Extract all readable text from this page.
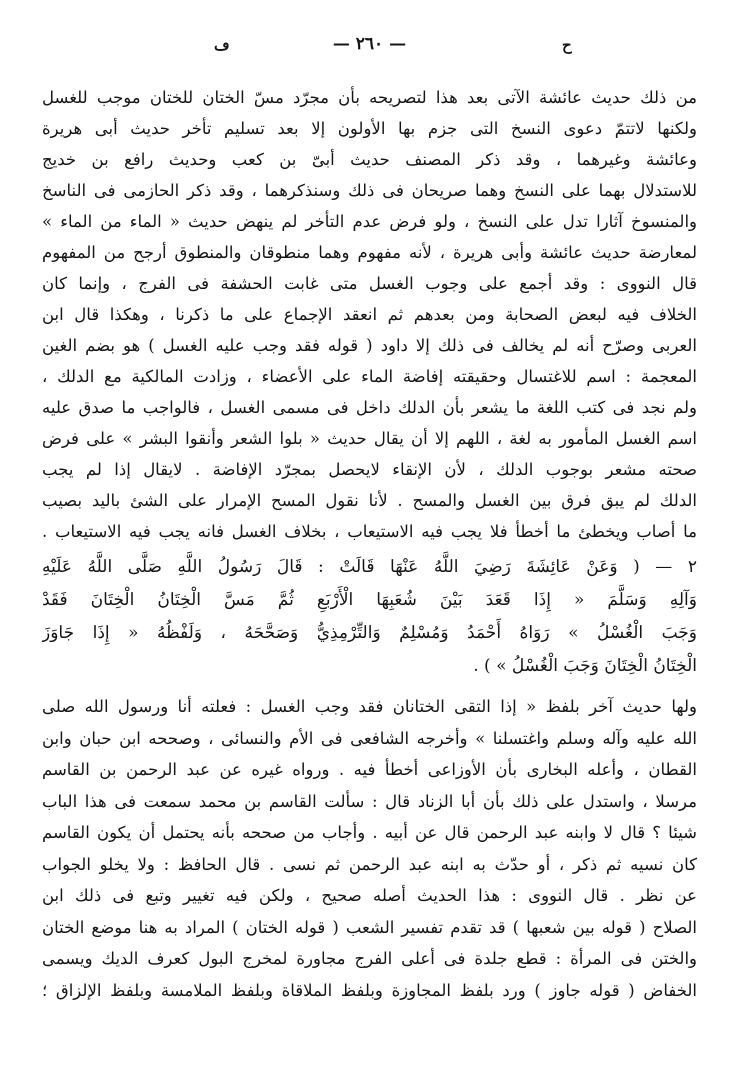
ڡ	— ٢٦٠ —	ح
من ذلك حديث عائشة الآتى بعد هذا لتصريحه بأن مجرّد مسّ الختان للختان موجب للغسل
ولكنها لاتتمّ دعوى النسخ التى جزم بها الأولون إلا بعد تسليم تأخر حديث أبى هريرة
وعائشة وغيرهما ، وقد ذكر المصنف حديث أبىّ بن كعب وحديث رافع بن خديج
للاستدلال بهما على النسخ وهما صريحان فى ذلك وسنذكرهما ، وقد ذكر الحازمى فى الناسخ
والمنسوخ آثارا تدل على النسخ ، ولو فرض عدم التأخر لم ينهض حديث « الماء من الماء »
لمعارضة حديث عائشة وأبى هريرة ، لأنه مفهوم وهما منطوقان والمنطوق أرجح من المفهوم
قال النووى : وقد أجمع على وجوب الغسل متى غابت الحشفة فى الفرج ، وإنما كان
الخلاف فيه لبعض الصحابة ومن بعدهم ثم انعقد الإجماع على ما ذكرنا ، وهكذا قال ابن
العربى وصرّح أنه لم يخالف فى ذلك إلا داود ( قوله فقد وجب عليه الغسل ) هو بضم الغين
المعجمة : اسم للاغتسال وحقيقته إفاضة الماء على الأعضاء ، وزادت المالكية مع الدلك ،
ولم نجد فى كتب اللغة ما يشعر بأن الدلك داخل فى مسمى الغسل ، فالواجب ما صدق عليه
اسم الغسل المأمور به لغة ، اللهم إلا أن يقال حديث « بلوا الشعر وأنقوا البشر » على فرض
صحته مشعر بوجوب الدلك ، لأن الإنقاء لايحصل بمجرّد الإفاضة . لايقال إذا لم يجب
الدلك لم يبق فرق بين الغسل والمسح . لأنا نقول المسح الإمرار على الشئ باليد بصيب
ما أصاب ويخطئ ما أخطأ فلا يجب فيه الاستيعاب ، بخلاف الغسل فانه يجب فيه الاستيعاب .
٢ — ( وَعَنْ عَائِشَةَ رَضِيَ اللَّهُ عَنْهَا قَالَتْ : قَالَ رَسُولُ اللَّهِ صَلَّى اللَّهُ عَلَيْهِ
وَآلِهِ وَسَلَّمَ « إِذَا قَعَدَ بَيْنَ شُعَبِهَا الْأَرْبَعِ ثُمَّ مَسَّ الْخِتَانُ الْخِتَانَ فَقَدْ
وَجَبَ الْغُسْلُ » رَوَاهُ أَحْمَدُ وَمُسْلِمٌ وَالتِّرْمِذِيُّ وَصَحَّحَهُ ، وَلَفْظُهُ « إِذَا جَاوَزَ
الْخِتَانُ الْخِتَانَ وَجَبَ الْغُسْلُ » ) .
ولها حديث آخر بلفظ « إذا التقى الختانان فقد وجب الغسل : فعلته أنا ورسول الله صلى
الله عليه وآله وسلم واغتسلنا » وأخرجه الشافعى فى الأم والنسائى ، وصححه ابن حبان وابن
القطان ، وأعله البخارى بأن الأوزاعى أخطأ فيه . ورواه غيره عن عبد الرحمن بن القاسم
مرسلا ، واستدل على ذلك بأن أبا الزناد قال : سألت القاسم بن محمد سمعت فى هذا الباب
شيئا ؟ قال لا وابنه عبد الرحمن قال عن أبيه . وأجاب من صححه بأنه يحتمل أن يكون القاسم
كان نسيه ثم ذكر ، أو حدّث به ابنه عبد الرحمن ثم نسى . قال الحافظ : ولا يخلو الجواب
عن نظر . قال النووى : هذا الحديث أصله صحيح ، ولكن فيه تغيير وتبع فى ذلك ابن
الصلاح ( قوله بين شعبها ) قد تقدم تفسير الشعب ( قوله الختان ) المراد به هنا موضع الختان
والختن فى المرأة : قطع جلدة فى أعلى الفرج مجاورة لمخرج البول كعرف الديك ويسمى
الخفاض ( قوله جاوز ) ورد بلفظ المجاوزة وبلفظ الملاقاة وبلفظ الملامسة وبلفظ الإلزاق ؛
